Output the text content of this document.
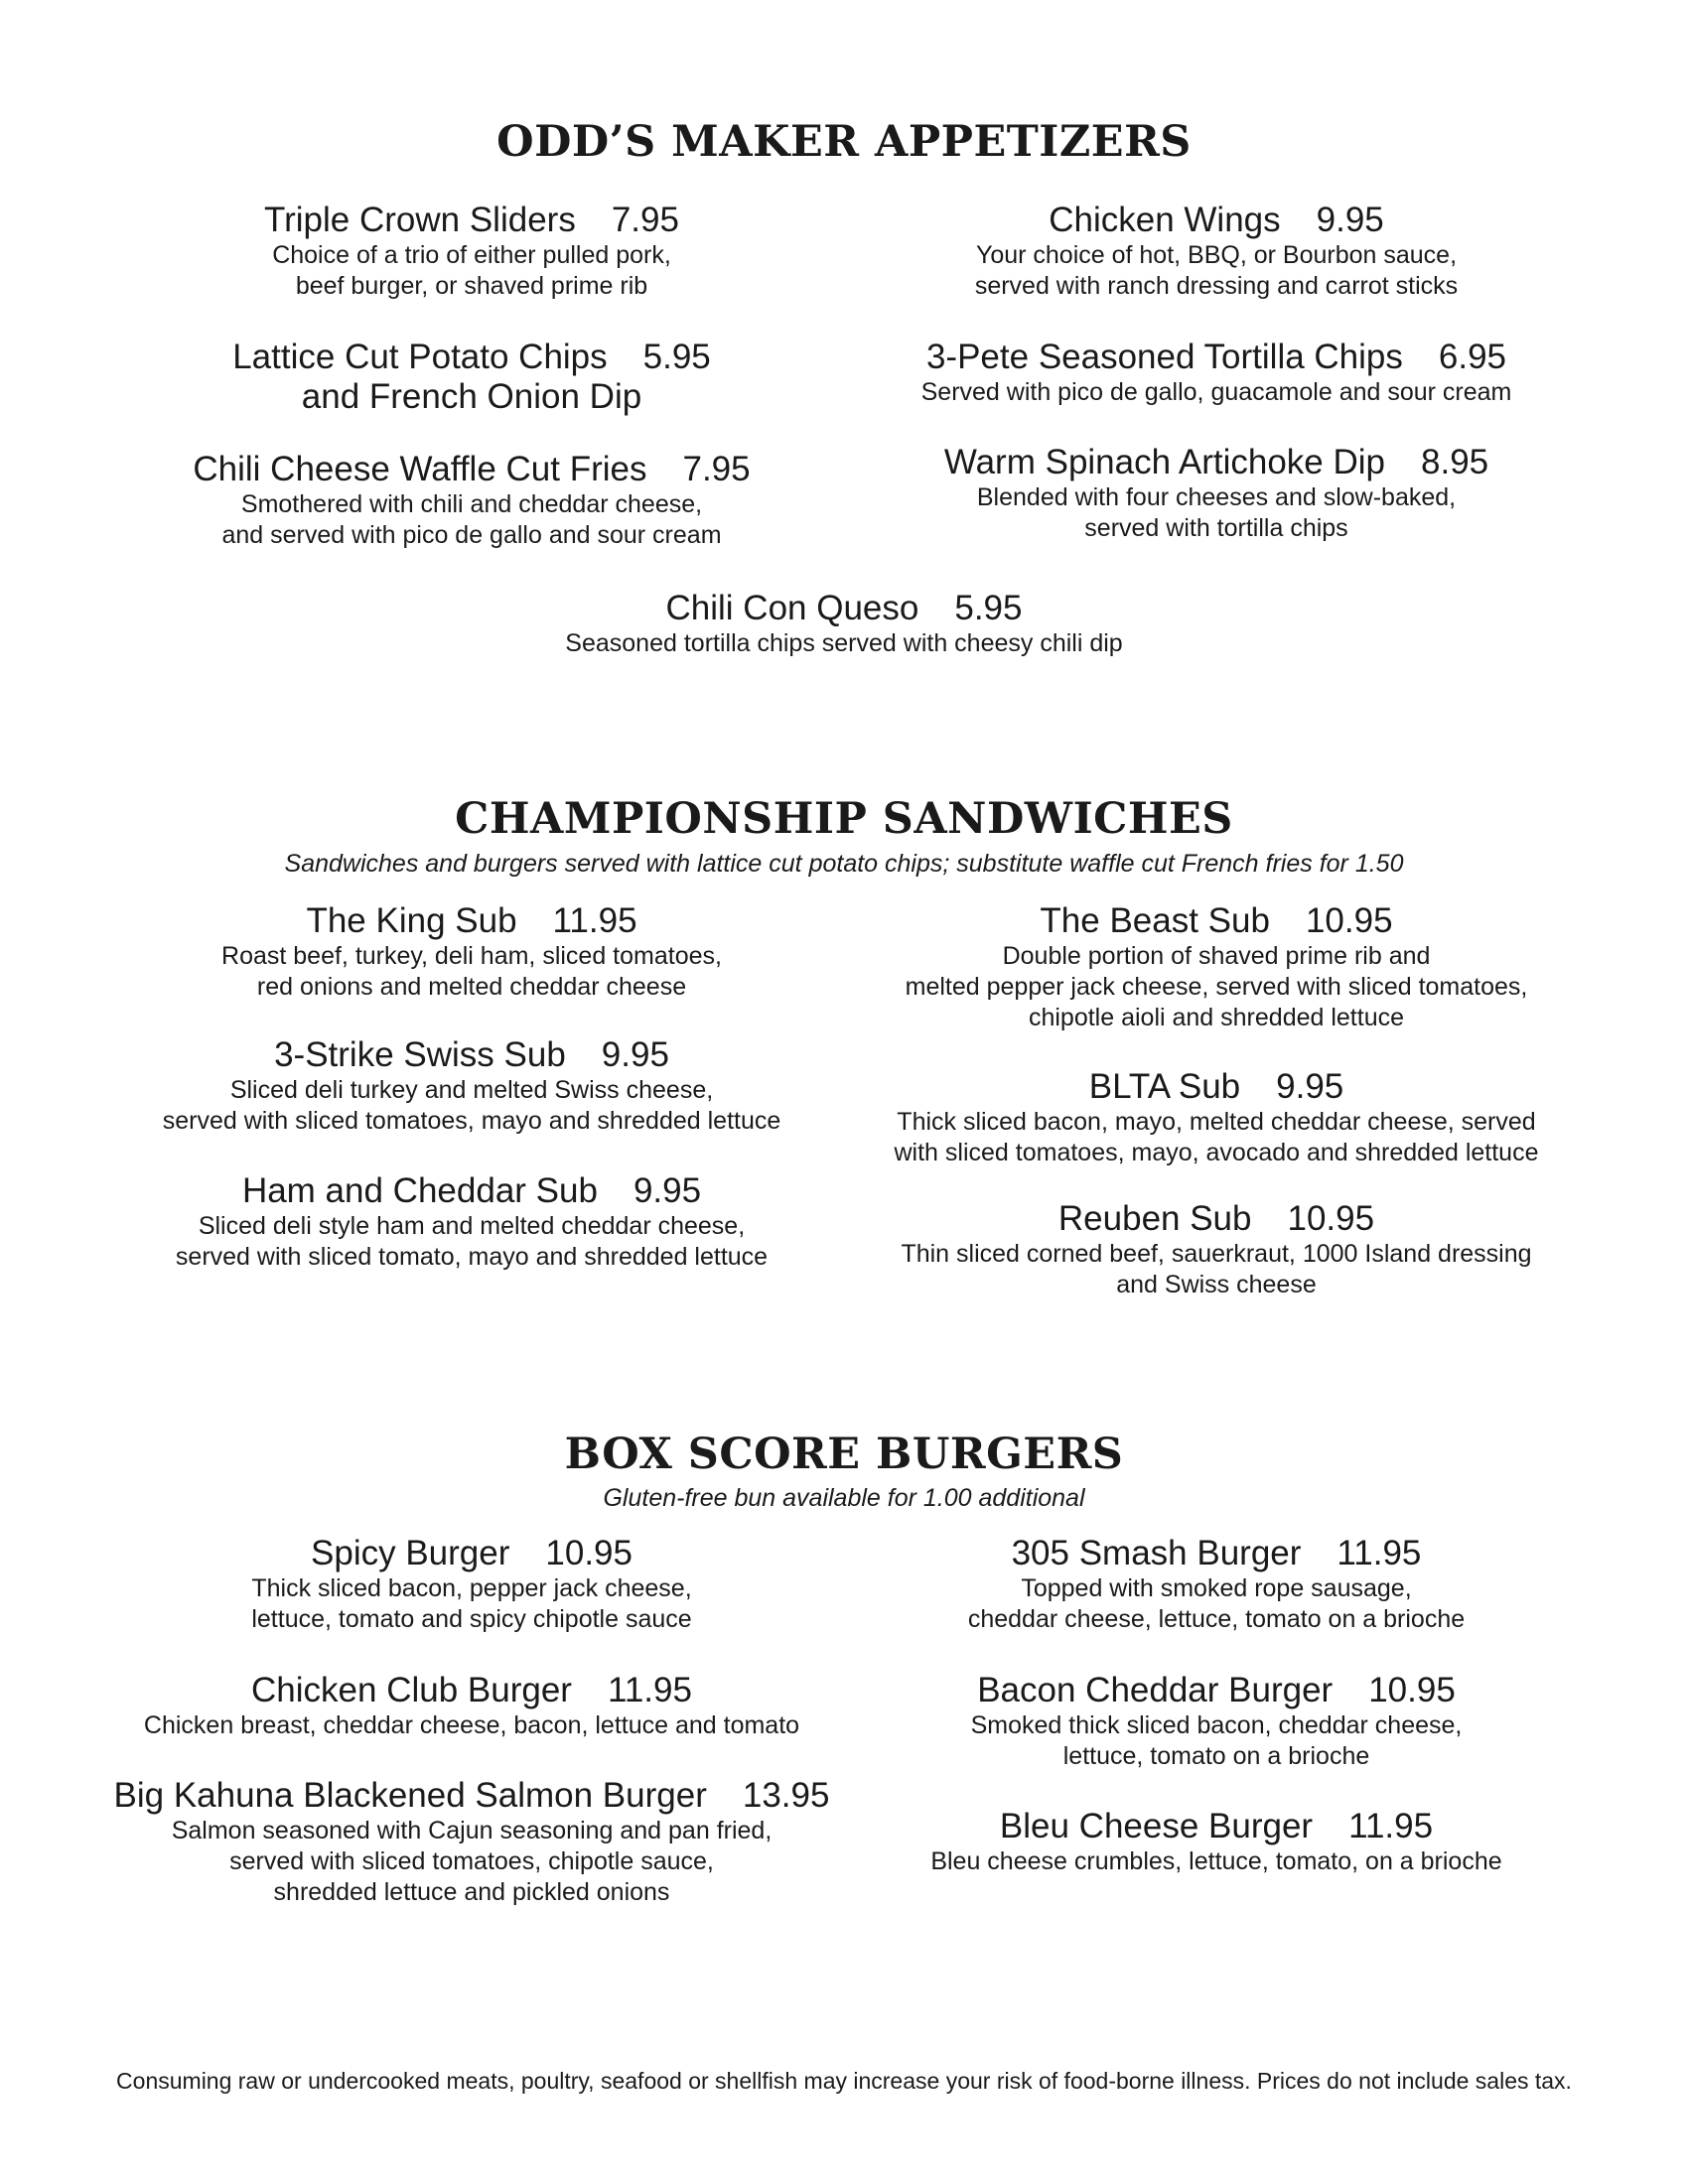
ODD’S MAKER APPETIZERS
Triple Crown Sliders 7.95
Choice of a trio of either pulled pork,
beef burger, or shaved prime rib
Chicken Wings 9.95
Your choice of hot, BBQ, or Bourbon sauce,
served with ranch dressing and carrot sticks
Lattice Cut Potato Chips 5.95
and French Onion Dip
3-Pete Seasoned Tortilla Chips 6.95
Served with pico de gallo, guacamole and sour cream
Chili Cheese Waffle Cut Fries 7.95
Smothered with chili and cheddar cheese,
and served with pico de gallo and sour cream
Warm Spinach Artichoke Dip 8.95
Blended with four cheeses and slow-baked,
served with tortilla chips
Chili Con Queso 5.95
Seasoned tortilla chips served with cheesy chili dip
CHAMPIONSHIP SANDWICHES
Sandwiches and burgers served with lattice cut potato chips; substitute waffle cut French fries for 1.50
The King Sub 11.95
Roast beef, turkey, deli ham, sliced tomatoes,
red onions and melted cheddar cheese
The Beast Sub 10.95
Double portion of shaved prime rib and
melted pepper jack cheese, served with sliced tomatoes,
chipotle aioli and shredded lettuce
3-Strike Swiss Sub 9.95
Sliced deli turkey and melted Swiss cheese,
served with sliced tomatoes, mayo and shredded lettuce
BLTA Sub 9.95
Thick sliced bacon, mayo, melted cheddar cheese, served
with sliced tomatoes, mayo, avocado and shredded lettuce
Ham and Cheddar Sub 9.95
Sliced deli style ham and melted cheddar cheese,
served with sliced tomato, mayo and shredded lettuce
Reuben Sub 10.95
Thin sliced corned beef, sauerkraut, 1000 Island dressing
and Swiss cheese
BOX SCORE BURGERS
Gluten-free bun available for 1.00 additional
Spicy Burger 10.95
Thick sliced bacon, pepper jack cheese,
lettuce, tomato and spicy chipotle sauce
305 Smash Burger 11.95
Topped with smoked rope sausage,
cheddar cheese, lettuce, tomato on a brioche
Chicken Club Burger 11.95
Chicken breast, cheddar cheese, bacon, lettuce and tomato
Bacon Cheddar Burger 10.95
Smoked thick sliced bacon, cheddar cheese,
lettuce, tomato on a brioche
Big Kahuna Blackened Salmon Burger 13.95
Salmon seasoned with Cajun seasoning and pan fried,
served with sliced tomatoes, chipotle sauce,
shredded lettuce and pickled onions
Bleu Cheese Burger 11.95
Bleu cheese crumbles, lettuce, tomato, on a brioche
Consuming raw or undercooked meats, poultry, seafood or shellfish may increase your risk of food-borne illness. Prices do not include sales tax.
